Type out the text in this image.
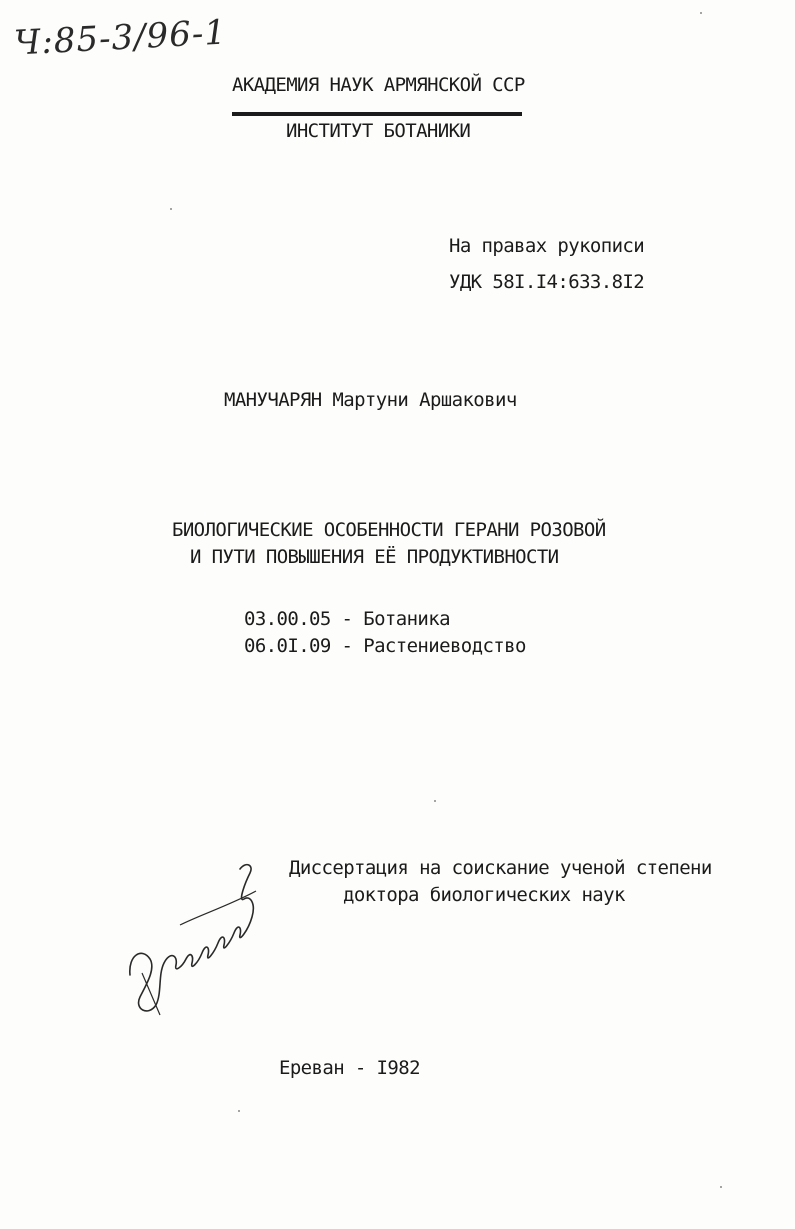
Ч:85-3/96-1
АКАДЕМИЯ НАУК АРМЯНСКОЙ ССР
ИНСТИТУТ БОТАНИКИ
На правах рукописи
УДК 58I.I4:633.8I2
МАНУЧАРЯН Мартуни Аршакович
БИОЛОГИЧЕСКИЕ ОСОБЕННОСТИ ГЕРАНИ РОЗОВОЙ
И ПУТИ ПОВЫШЕНИЯ ЕЁ ПРОДУКТИВНОСТИ
03.00.05 - Ботаника
06.0I.09 - Растениеводство
Диссертация на соискание ученой степени
доктора биологических наук
Ереван - I982
